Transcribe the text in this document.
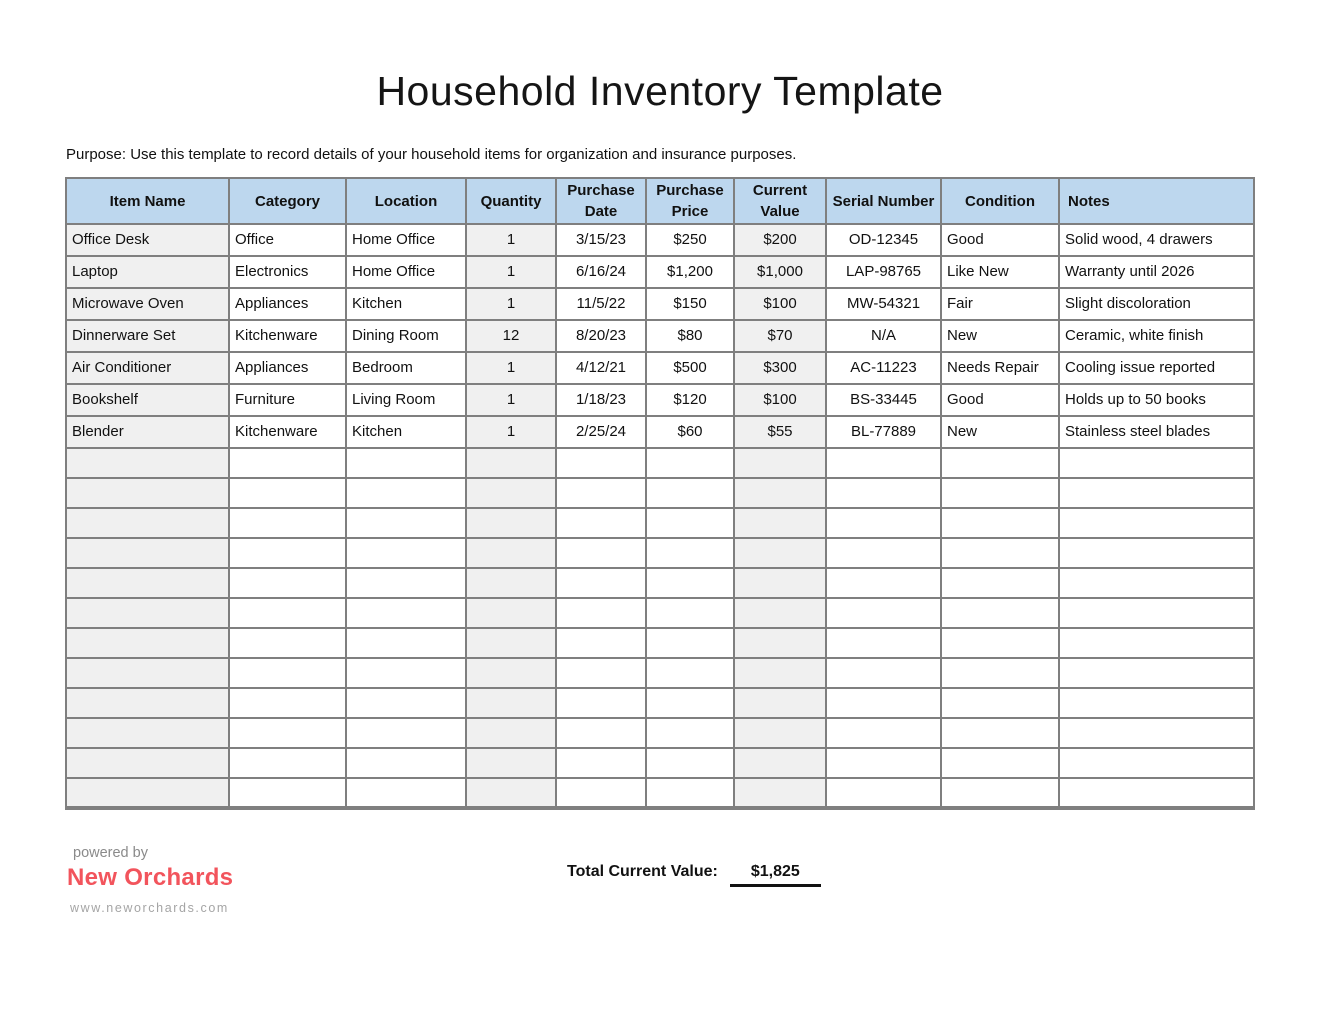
Household Inventory Template

Purpose: Use this template to record details of your household items for organization and insurance purposes.

Item Name	Category	Location	Quantity	Purchase Date	Purchase Price	Current Value	Serial Number	Condition	Notes
Office Desk	Office	Home Office	1	3/15/23	$250	$200	OD-12345	Good	Solid wood, 4 drawers
Laptop	Electronics	Home Office	1	6/16/24	$1,200	$1,000	LAP-98765	Like New	Warranty until 2026
Microwave Oven	Appliances	Kitchen	1	11/5/22	$150	$100	MW-54321	Fair	Slight discoloration
Dinnerware Set	Kitchenware	Dining Room	12	8/20/23	$80	$70	N/A	New	Ceramic, white finish
Air Conditioner	Appliances	Bedroom	1	4/12/21	$500	$300	AC-11223	Needs Repair	Cooling issue reported
Bookshelf	Furniture	Living Room	1	1/18/23	$120	$100	BS-33445	Good	Holds up to 50 books
Blender	Kitchenware	Kitchen	1	2/25/24	$60	$55	BL-77889	New	Stainless steel blades

powered by
New Orchards
www.neworchards.com
Total Current Value: $1,825
